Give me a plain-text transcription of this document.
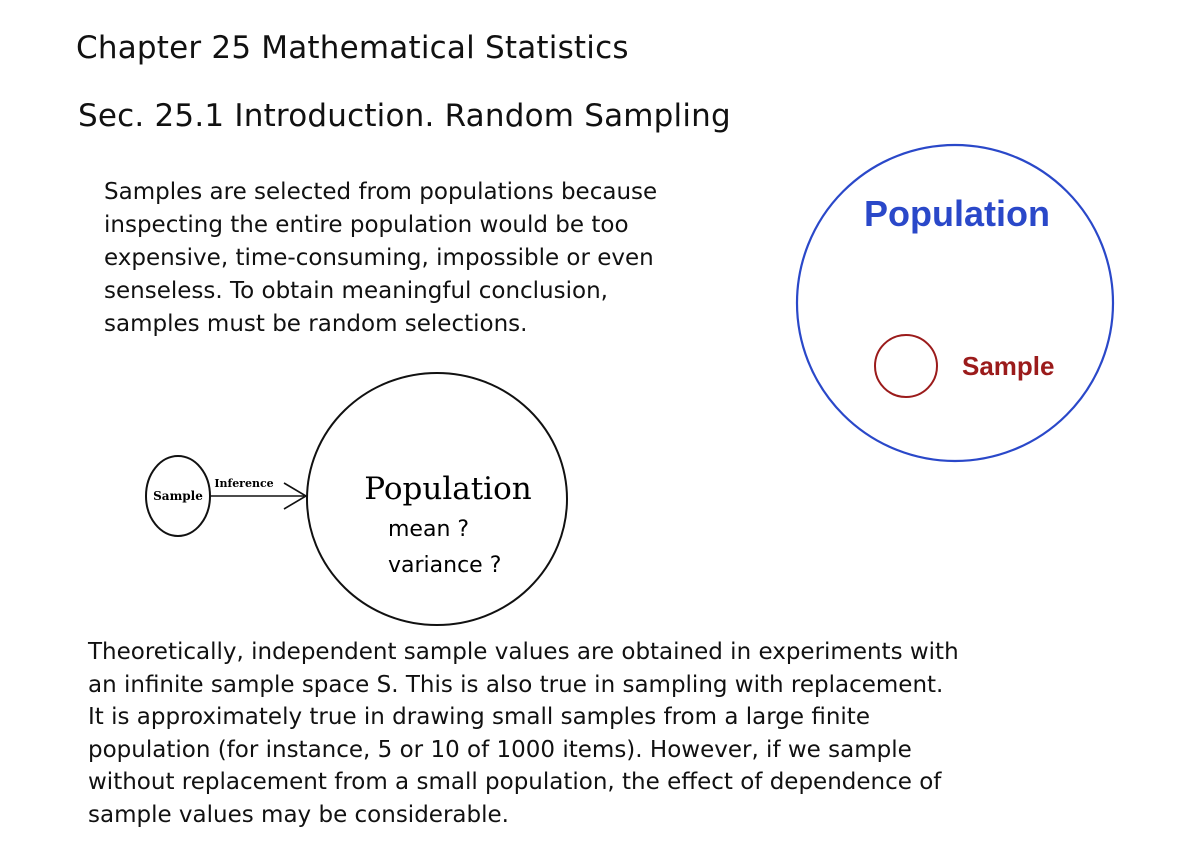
Chapter 25 Mathematical Statistics
Sec. 25.1 Introduction. Random Sampling
Samples are selected from populations because
inspecting the entire population would be too
expensive, time-consuming, impossible or even
senseless. To obtain meaningful conclusion,
samples must be random selections.
Sample
Inference	Population
mean ?
variance ?
Population
Sample
Theoretically, independent sample values are obtained in experiments with
an infinite sample space S. This is also true in sampling with replacement.
It is approximately true in drawing small samples from a large finite
population (for instance, 5 or 10 of 1000 items). However, if we sample
without replacement from a small population, the effect of dependence of
sample values may be considerable.
